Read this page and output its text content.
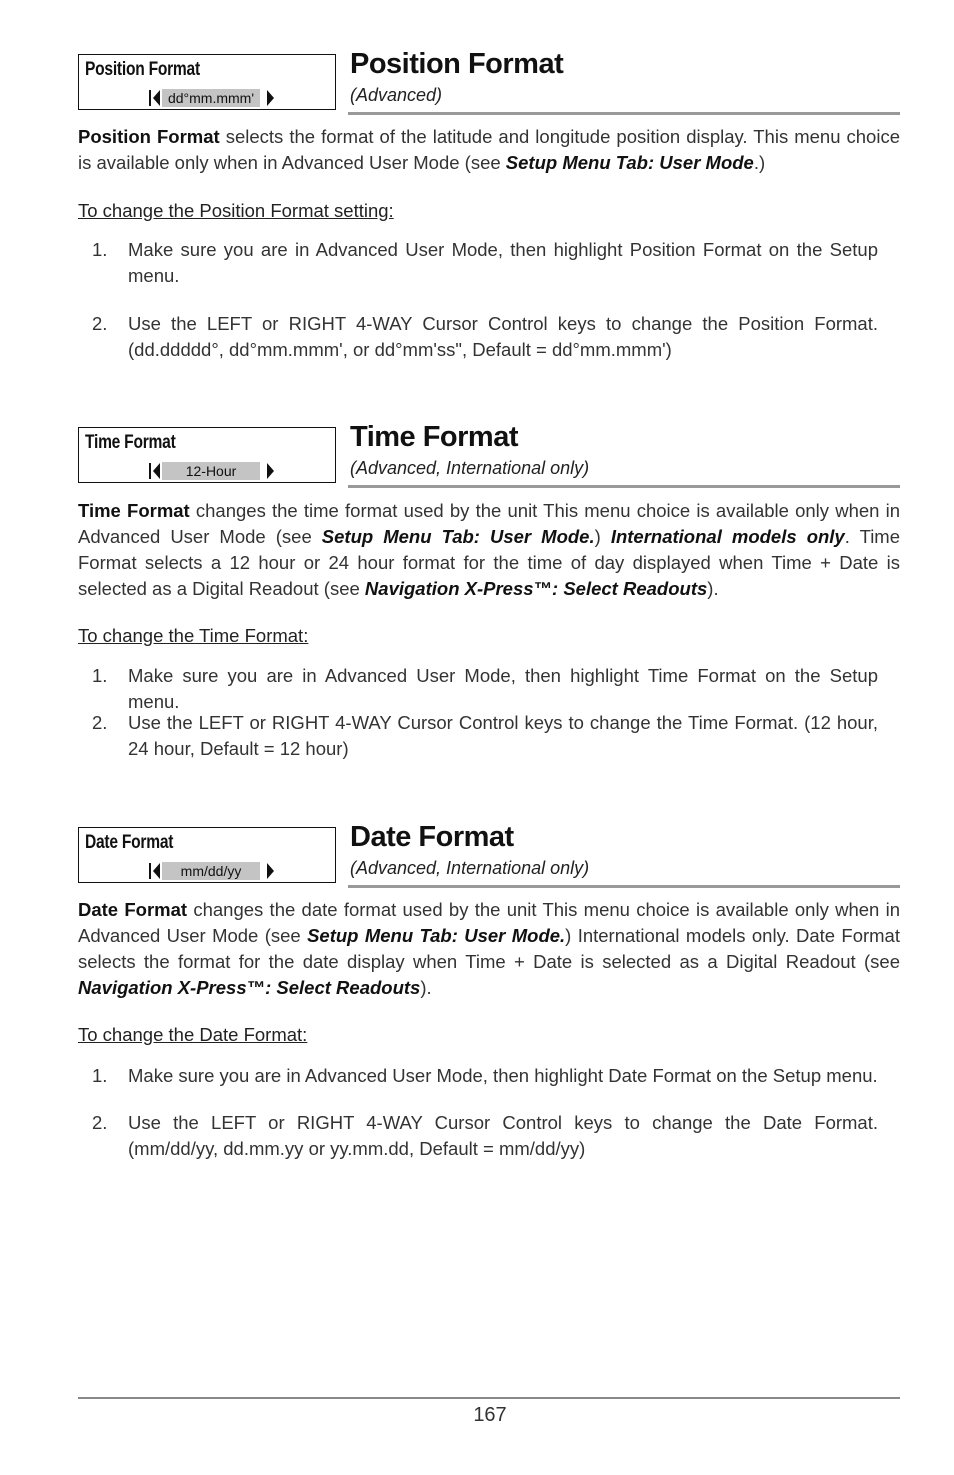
Position Format
dd°mm.mmm'
Position Format
(Advanced)

Position Format selects the format of the latitude and longitude position display. This menu choice is available only when in Advanced User Mode (see Setup Menu Tab: User Mode.)

To change the Position Format setting:
1. Make sure you are in Advanced User Mode, then highlight Position Format on the Setup menu.
2. Use the LEFT or RIGHT 4-WAY Cursor Control keys to change the Position Format. (dd.ddddd°, dd°mm.mmm', or dd°mm'ss", Default = dd°mm.mmm')
Time Format
12-Hour
Time Format
(Advanced, International only)

Time Format changes the time format used by the unit This menu choice is available only when in Advanced User Mode (see Setup Menu Tab: User Mode.) International models only. Time Format selects a 12 hour or 24 hour format for the time of day displayed when Time + Date is selected as a Digital Readout (see Navigation X-Press™: Select Readouts).

To change the Time Format:
1. Make sure you are in Advanced User Mode, then highlight Time Format on the Setup menu.
2. Use the LEFT or RIGHT 4-WAY Cursor Control keys to change the Time Format. (12 hour, 24 hour, Default = 12 hour)
Date Format
mm/dd/yy
Date Format
(Advanced, International only)

Date Format changes the date format used by the unit This menu choice is available only when in Advanced User Mode (see Setup Menu Tab: User Mode.) International models only. Date Format selects the format for the date display when Time + Date is selected as a Digital Readout (see Navigation X-Press™: Select Readouts).

To change the Date Format:
1. Make sure you are in Advanced User Mode, then highlight Date Format on the Setup menu.
2. Use the LEFT or RIGHT 4-WAY Cursor Control keys to change the Date Format. (mm/dd/yy, dd.mm.yy or yy.mm.dd, Default = mm/dd/yy)
167
